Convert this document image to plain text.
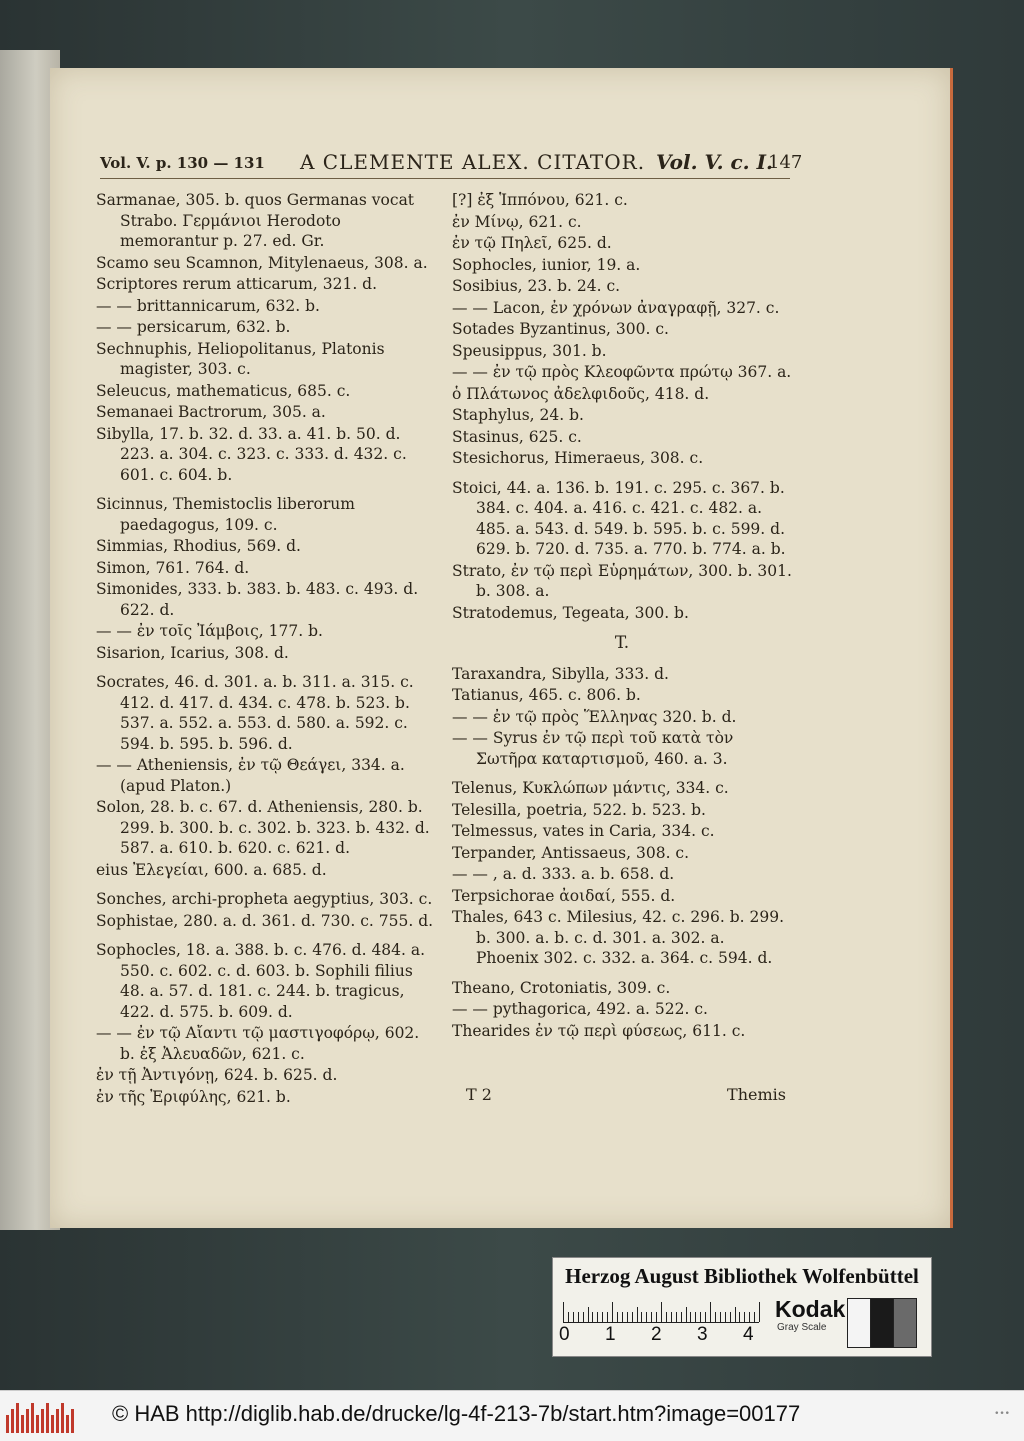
Vol. V. p. 130 — 131 A CLEMENTE ALEX. CITATOR. Vol. V. c. I.
147
Sarmanae, 305. b. quos Germanas vocat Strabo. Γερμάνιοι Herodoto memorantur p. 27. ed. Gr.
Scamo seu Scamnon, Mitylenaeus, 308. a.
Scriptores rerum atticarum, 321. d.
— — brittannicarum, 632. b.
— — persicarum, 632. b.
Sechnuphis, Heliopolitanus, Platonis magister, 303. c.
Seleucus, mathematicus, 685. c.
Semanaei Bactrorum, 305. a.
Sibylla, 17. b. 32. d. 33. a. 41. b. 50. d. 223. a. 304. c. 323. c. 333. d. 432. c. 601. c. 604. b.
Sicinnus, Themistoclis liberorum paedagogus, 109. c.
Simmias, Rhodius, 569. d.
Simon, 761. 764. d.
Simonides, 333. b. 383. b. 483. c. 493. d. 622. d.
— — ἐν τοῖς Ἰάμβοις, 177. b.
Sisarion, Icarius, 308. d.
Socrates, 46. d. 301. a. b. 311. a. 315. c. 412. d. 417. d. 434. c. 478. b. 523. b. 537. a. 552. a. 553. d. 580. a. 592. c. 594. b. 595. b. 596. d.
— — Atheniensis, ἐν τῷ Θεάγει, 334. a. (apud Platon.)
Solon, 28. b. c. 67. d. Atheniensis, 280. b. 299. b. 300. b. c. 302. b. 323. b. 432. d. 587. a. 610. b. 620. c. 621. d.
eius Ἐλεγείαι, 600. a. 685. d.
Sonches, archi-propheta aegyptius, 303. c.
Sophistae, 280. a. d. 361. d. 730. c. 755. d.
Sophocles, 18. a. 388. b. c. 476. d. 484. a. 550. c. 602. c. d. 603. b. Sophili filius 48. a. 57. d. 181. c. 244. b. tragicus, 422. d. 575. b. 609. d.
— — ἐν τῷ Αἴαντι τῷ μαστιγοφόρῳ, 602. b. ἐξ Ἀλευαδῶν, 621. c.
ἐν τῇ Ἀντιγόνῃ, 624. b. 625. d.
ἐν τῆς Ἐριφύλης, 621. b.
[?] ἐξ Ἱππόνου, 621. c.
ἐν Μίνῳ, 621. c.
ἐν τῷ Πηλεῖ, 625. d.
Sophocles, iunior, 19. a.
Sosibius, 23. b. 24. c.
— — Lacon, ἐν χρόνων ἀναγραφῇ, 327. c.
Sotades Byzantinus, 300. c.
Speusippus, 301. b.
— — ἐν τῷ πρὸς Κλεοφῶντα πρώτῳ 367. a.
ὁ Πλάτωνος ἀδελφιδοῦς, 418. d.
Staphylus, 24. b.
Stasinus, 625. c.
Stesichorus, Himeraeus, 308. c.
Stoici, 44. a. 136. b. 191. c. 295. c. 367. b. 384. c. 404. a. 416. c. 421. c. 482. a. 485. a. 543. d. 549. b. 595. b. c. 599. d. 629. b. 720. d. 735. a. 770. b. 774. a. b.
Strato, ἐν τῷ περὶ Εὑρημάτων, 300. b. 301. b. 308. a.
Stratodemus, Tegeata, 300. b.
T.
Taraxandra, Sibylla, 333. d.
Tatianus, 465. c. 806. b.
— — ἐν τῷ πρὸς Ἕλληνας 320. b. d.
— — Syrus ἐν τῷ περὶ τοῦ κατὰ τὸν Σωτῆρα καταρτισμοῦ, 460. a. 3.
Telenus, Κυκλώπων μάντις, 334. c.
Telesilla, poetria, 522. b. 523. b.
Telmessus, vates in Caria, 334. c.
Terpander, Antissaeus, 308. c.
— — , a. d. 333. a. b. 658. d.
Terpsichorae ἀοιδαί, 555. d.
Thales, 643 c. Milesius, 42. c. 296. b. 299. b. 300. a. b. c. d. 301. a. 302. a. Phoenix 302. c. 332. a. 364. c. 594. d.
Theano, Crotoniatis, 309. c.
— — pythagorica, 492. a. 522. c.
Thearides ἐν τῷ περὶ φύσεως, 611. c.
T 2	Themis
Herzog August Bibliothek Wolfenbüttel
0 1 2 3 4
Kodak
Gray Scale
© HAB http://diglib.hab.de/drucke/lg-4f-213-7b/start.htm?image=00177	•••
